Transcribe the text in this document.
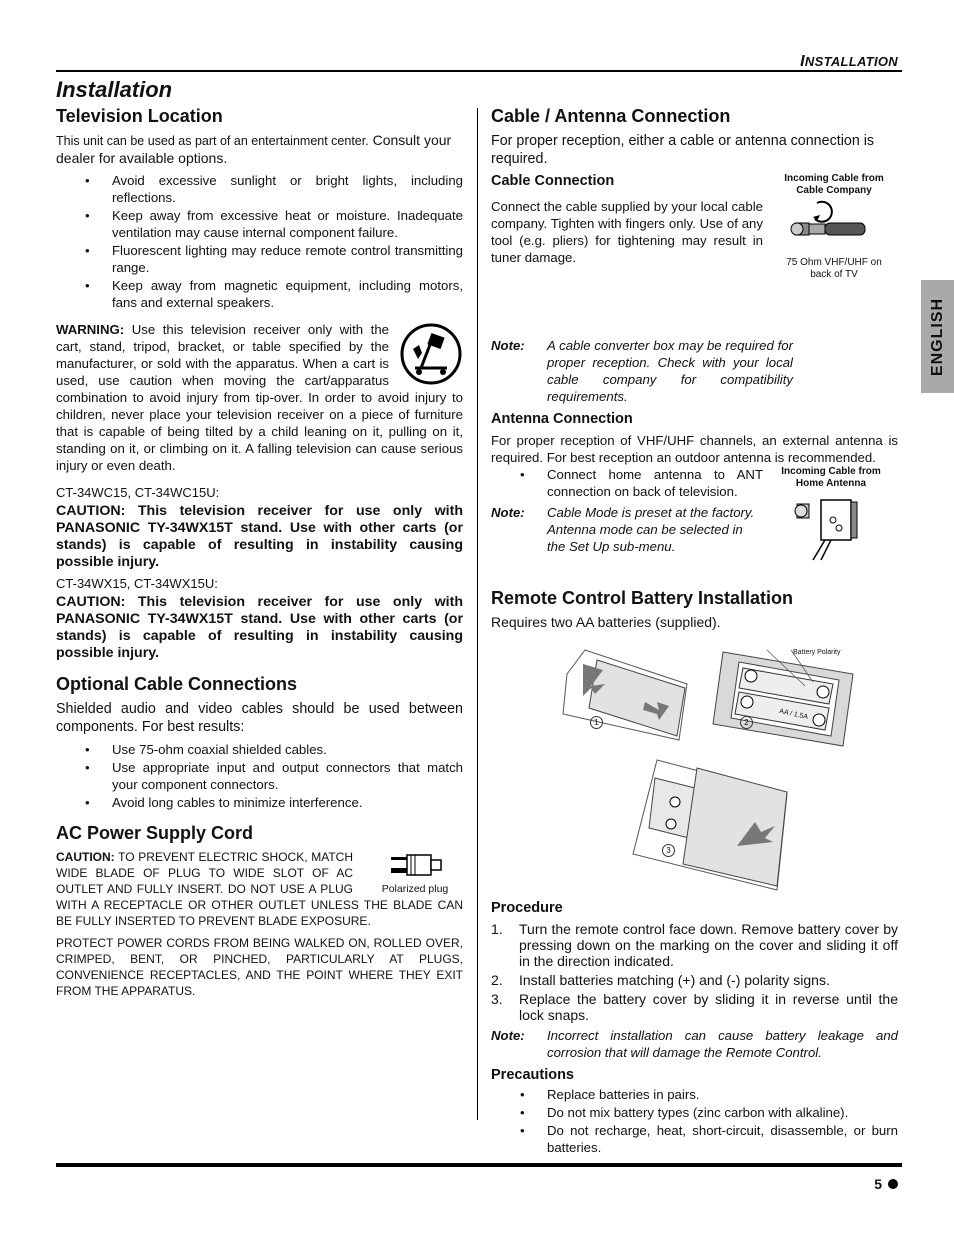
INSTALLATION
Installation
ENGLISH
Television Location

This unit can be used as part of an entertainment center. Consult your dealer for available options.

• Avoid excessive sunlight or bright lights, including reflections.
• Keep away from excessive heat or moisture. Inadequate ventilation may cause internal component failure.
• Fluorescent lighting may reduce remote control transmitting range.
• Keep away from magnetic equipment, including motors, fans and external speakers.
WARNING: Use this television receiver only with the cart, stand, tripod, bracket, or table specified by the manufacturer, or sold with the apparatus. When a cart is used, use caution when moving the cart/apparatus combination to avoid injury from tip-over. In order to avoid injury to children, never place your television receiver on a piece of furniture that is capable of being tilted by a child leaning on it, pulling on it, standing on it, or climbing on it. A falling television can cause serious injury or even death.

CT-34WC15, CT-34WC15U:

CAUTION: This television receiver for use only with PANASONIC TY-34WX15T stand. Use with other carts (or stands) is capable of resulting in instability causing possible injury.

CT-34WX15, CT-34WX15U:

CAUTION: This television receiver for use only with PANASONIC TY-34WX15T stand. Use with other carts (or stands) is capable of resulting in instability causing possible injury.

Optional Cable Connections

Shielded audio and video cables should be used between components. For best results:

• Use 75-ohm coaxial shielded cables.
• Use appropriate input and output connectors that match your component connectors.
• Avoid long cables to minimize interference.
AC Power Supply Cord
Polarized plug
CAUTION: TO PREVENT ELECTRIC SHOCK, MATCH WIDE BLADE OF PLUG TO WIDE SLOT OF AC OUTLET AND FULLY INSERT. DO NOT USE A PLUG WITH A RECEPTACLE OR OTHER OUTLET UNLESS THE BLADE CAN BE FULLY INSERTED TO PREVENT BLADE EXPOSURE.

PROTECT POWER CORDS FROM BEING WALKED ON, ROLLED OVER, CRIMPED, BENT, OR PINCHED, PARTICULARLY AT PLUGS, CONVENIENCE RECEPTACLES, AND THE POINT WHERE THEY EXIT FROM THE APPARATUS.

Cable / Antenna Connection

For proper reception, either a cable or antenna connection is required.

Cable Connection

Connect the cable supplied by your local cable company. Tighten with fingers only. Use of any tool (e.g. pliers) for tightening may result in tuner damage.

Incoming Cable from Cable Company
75 Ohm VHF/UHF on back of TV
Note:	A cable converter box may be required for proper reception. Check with your local cable company for compatibility requirements.
Antenna Connection

For proper reception of VHF/UHF channels, an external antenna is required. For best reception an outdoor antenna is recommended.

• Connect home antenna to ANT connection on back of television.
Note:	Cable Mode is preset at the factory. Antenna mode can be selected in the Set Up sub-menu.
Incoming Cable from Home Antenna
Remote Control Battery Installation

Requires two AA batteries (supplied).

1
Battery Polarity
AA / 1.5A
2
3
Procedure
1. Turn the remote control face down. Remove battery cover by pressing down on the marking on the cover and sliding it off in the direction indicated.
2. Install batteries matching (+) and (-) polarity signs.
3. Replace the battery cover by sliding it in reverse until the lock snaps.
Note:	Incorrect installation can cause battery leakage and corrosion that will damage the Remote Control.
Precautions
• Replace batteries in pairs.
• Do not mix battery types (zinc carbon with alkaline).
• Do not recharge, heat, short-circuit, disassemble, or burn batteries.
5
